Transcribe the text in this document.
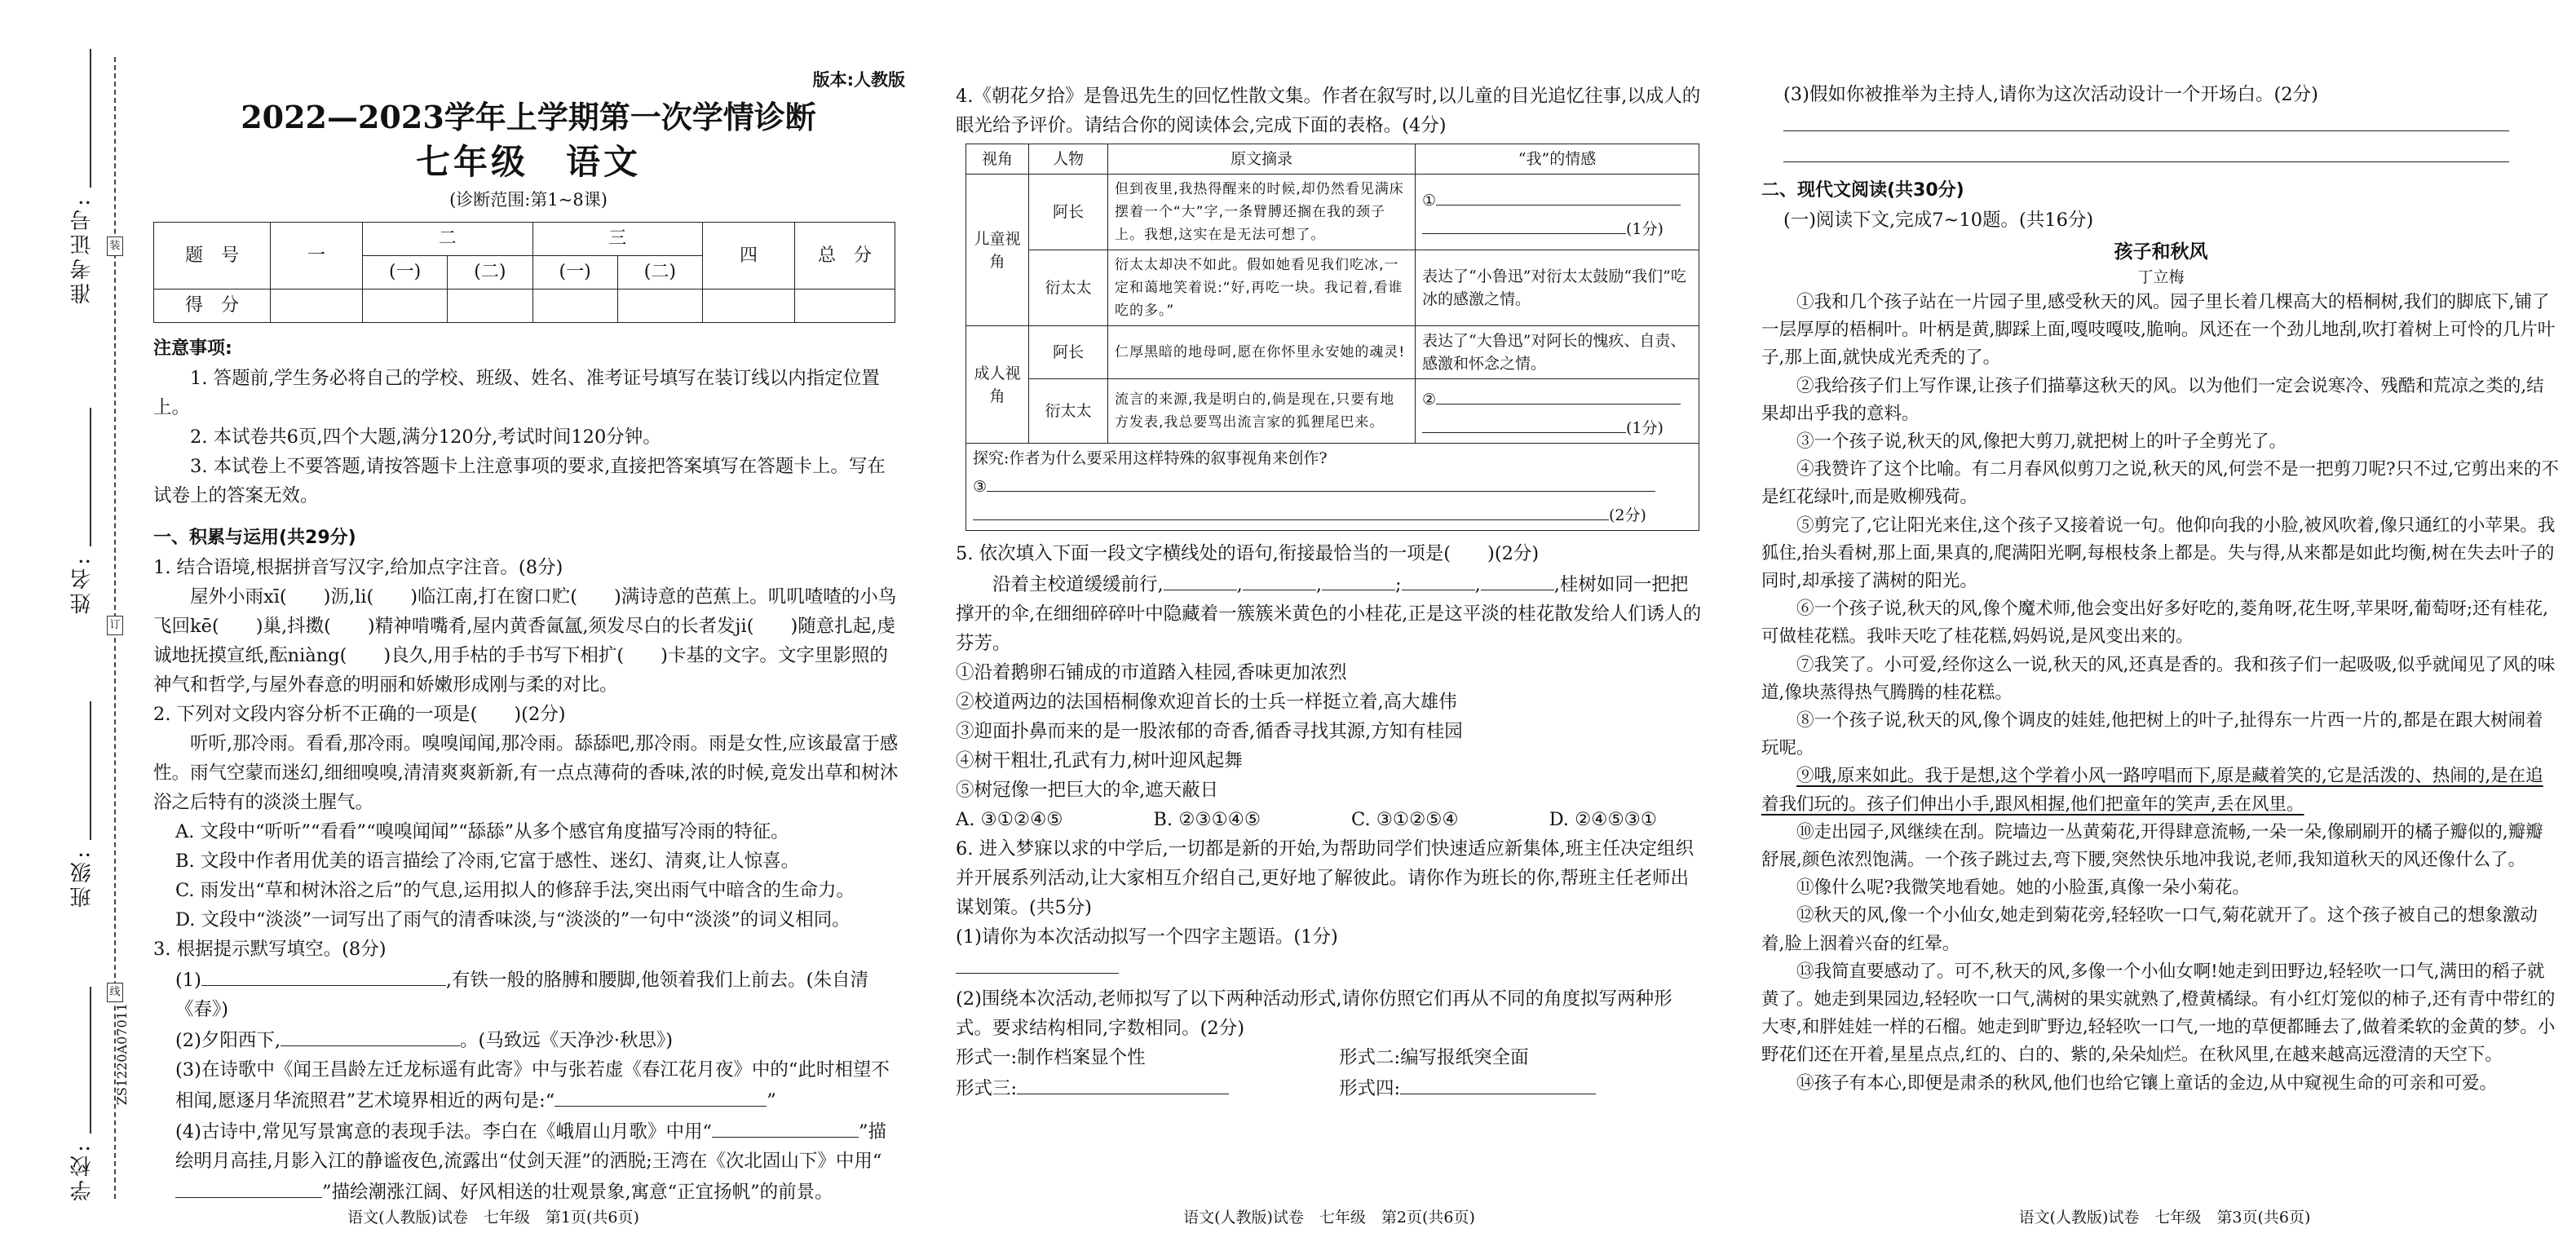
准考证号:
姓名:
班级:
学校:
ZS1220A07011
装
订
线
版本:人教版
2022—2023学年上学期第一次学情诊断
七年级　语文
(诊断范围:第1~8课)
题　号	一	二		三		四	总　分
		(一)	(二)	(一)	(二)		
得　分							

注意事项:

1. 答题前,学生务必将自己的学校、班级、姓名、准考证号填写在装订线以内指定位置上。

2. 本试卷共6页,四个大题,满分120分,考试时间120分钟。

3. 本试卷上不要答题,请按答题卡上注意事项的要求,直接把答案填写在答题卡上。写在试卷上的答案无效。

一、积累与运用(共29分)

1. 结合语境,根据拼音写汉字,给加点字注音。(8分)

屋外小雨xī(　　)沥,li(　　)临江南,打在窗口贮(　　)满诗意的芭蕉上。叽叽喳喳的小鸟飞回kē(　　)巢,抖擞(　　)精神啃嘴肴,屋内黄香氤氲,须发尽白的长者发ji(　　)随意扎起,虔诚地抚摸宣纸,酝niàng(　　)良久,用手枯的手书写下相扩(　　)卡基的文字。文字里影照的神气和哲学,与屋外春意的明丽和娇嫩形成刚与柔的对比。

2. 下列对文段内容分析不正确的一项是(　　)(2分)

听听,那冷雨。看看,那冷雨。嗅嗅闻闻,那冷雨。舔舔吧,那冷雨。雨是女性,应该最富于感性。雨气空蒙而迷幻,细细嗅嗅,清清爽爽新新,有一点点薄荷的香味,浓的时候,竟发出草和树沐浴之后特有的淡淡土腥气。

A. 文段中“听听”“看看”“嗅嗅闻闻”“舔舔”从多个感官角度描写冷雨的特征。

B. 文段中作者用优美的语言描绘了冷雨,它富于感性、迷幻、清爽,让人惊喜。

C. 雨发出“草和树沐浴之后”的气息,运用拟人的修辞手法,突出雨气中暗含的生命力。

D. 文段中“淡淡”一词写出了雨气的清香味淡,与“淡淡的”一句中“淡淡”的词义相同。

3. 根据提示默写填空。(8分)

(1)	,有铁一般的胳膊和腰脚,他领着我们上前去。(朱自清《春》)

(2)夕阳西下,	。(马致远《天净沙·秋思》)

(3)在诗歌中《闻王昌龄左迁龙标遥有此寄》中与张若虚《春江花月夜》中的“此时相望不相闻,愿逐月华流照君”艺术境界相近的两句是:“	”

(4)古诗中,常见写景寓意的表现手法。李白在《峨眉山月歌》中用“	”描绘明月高挂,月影入江的静谧夜色,流露出“仗剑天涯”的洒脱;王湾在《次北固山下》中用“”描绘潮涨江阔、好风相送的壮观景象,寓意“正宜扬帆”的前景。

语文(人教版)试卷　七年级　第1页(共6页)

4.《朝花夕拾》是鲁迅先生的回忆性散文集。作者在叙写时,以儿童的目光追忆往事,以成人的眼光给予评价。请结合你的阅读体会,完成下面的表格。(4分)

视角	人物	原文摘录	“我”的情感
儿童视角	阿长	但到夜里,我热得醒来的时候,却仍然看见满床摆着一个“大”字,一条臂膊还搁在我的颈子上。我想,这实在是无法可想了。	①
(1分)
	衍太太	衍太太却决不如此。假如她看见我们吃冰,一定和蔼地笑着说:“好,再吃一块。我记着,看谁吃的多。”	表达了“小鲁迅”对衍太太鼓励“我们”吃冰的感激之情。
成人视角	阿长	仁厚黑暗的地母呵,愿在你怀里永安她的魂灵!	表达了“大鲁迅”对阿长的愧疚、自责、感激和怀念之情。
	衍太太	流言的来源,我是明白的,倘是现在,只要有地方发表,我总要骂出流言家的狐狸尾巴来。	②
(1分)
探究:作者为什么要采用这样特殊的叙事视角来创作?
③
(2分)			

5. 依次填入下面一段文字横线处的语句,衔接最恰当的一项是(　　)(2分)

沿着主校道缓缓前行,	,	,	;	,	,桂树如同一把把撑开的伞,在细细碎碎叶中隐藏着一簇簇米黄色的小桂花,正是这平淡的桂花散发给人们诱人的芬芳。

①沿着鹅卵石铺成的市道踏入桂园,香味更加浓烈

②校道两边的法国梧桐像欢迎首长的士兵一样挺立着,高大雄伟

③迎面扑鼻而来的是一股浓郁的奇香,循香寻找其源,方知有桂园

④树干粗壮,孔武有力,树叶迎风起舞

⑤树冠像一把巨大的伞,遮天蔽日

A. ③①②④⑤	B. ②③①④⑤	C. ③①②⑤④	D. ②④⑤③①

6. 进入梦寐以求的中学后,一切都是新的开始,为帮助同学们快速适应新集体,班主任决定组织并开展系列活动,让大家相互介绍自己,更好地了解彼此。请你作为班长的你,帮班主任老师出谋划策。(共5分)

(1)请你为本次活动拟写一个四字主题语。(1分)

(2)围绕本次活动,老师拟写了以下两种活动形式,请你仿照它们再从不同的角度拟写两种形式。要求结构相同,字数相同。(2分)

形式一:制作档案显个性	形式二:编写报纸突全面

形式三:	形式四:

语文(人教版)试卷　七年级　第2页(共6页)

(3)假如你被推举为主持人,请你为这次活动设计一个开场白。(2分)

二、现代文阅读(共30分)

(一)阅读下文,完成7~10题。(共16分)

孩子和秋风
丁立梅

①我和几个孩子站在一片园子里,感受秋天的风。园子里长着几棵高大的梧桐树,我们的脚底下,铺了一层厚厚的梧桐叶。叶柄是黄,脚踩上面,嘎吱嘎吱,脆响。风还在一个劲儿地刮,吹打着树上可怜的几片叶子,那上面,就快成光秃秃的了。

②我给孩子们上写作课,让孩子们描摹这秋天的风。以为他们一定会说寒冷、残酷和荒凉之类的,结果却出乎我的意料。

③一个孩子说,秋天的风,像把大剪刀,就把树上的叶子全剪光了。

④我赞许了这个比喻。有二月春风似剪刀之说,秋天的风,何尝不是一把剪刀呢?只不过,它剪出来的不是红花绿叶,而是败柳残荷。

⑤剪完了,它让阳光来住,这个孩子又接着说一句。他仰向我的小脸,被风吹着,像只通红的小苹果。我狐住,抬头看树,那上面,果真的,爬满阳光啊,每根枝条上都是。失与得,从来都是如此均衡,树在失去叶子的同时,却承接了满树的阳光。

⑥一个孩子说,秋天的风,像个魔术师,他会变出好多好吃的,菱角呀,花生呀,苹果呀,葡萄呀;还有桂花,可做桂花糕。我咔天吃了桂花糕,妈妈说,是风变出来的。

⑦我笑了。小可爱,经你这么一说,秋天的风,还真是香的。我和孩子们一起吸吸,似乎就闻见了风的味道,像块蒸得热气腾腾的桂花糕。

⑧一个孩子说,秋天的风,像个调皮的娃娃,他把树上的叶子,扯得东一片西一片的,都是在跟大树闹着玩呢。

⑨哦,原来如此。我于是想,这个学着小风一路哼唱而下,原是藏着笑的,它是活泼的、热闹的,是在追着我们玩的。孩子们伸出小手,跟风相握,他们把童年的笑声,丢在风里。

⑩走出园子,风继续在刮。院墙边一丛黄菊花,开得肆意流畅,一朵一朵,像刷刷开的橘子瓣似的,瓣瓣舒展,颜色浓烈饱满。一个孩子跳过去,弯下腰,突然快乐地冲我说,老师,我知道秋天的风还像什么了。

⑪像什么呢?我微笑地看她。她的小脸蛋,真像一朵小菊花。

⑫秋天的风,像一个小仙女,她走到菊花旁,轻轻吹一口气,菊花就开了。这个孩子被自己的想象激动着,脸上洇着兴奋的红晕。

⑬我简直要感动了。可不,秋天的风,多像一个小仙女啊!她走到田野边,轻轻吹一口气,满田的稻子就黄了。她走到果园边,轻轻吹一口气,满树的果实就熟了,橙黄橘绿。有小红灯笼似的柿子,还有青中带红的大枣,和胖娃娃一样的石榴。她走到旷野边,轻轻吹一口气,一地的草便都睡去了,做着柔软的金黄的梦。小野花们还在开着,星星点点,红的、白的、紫的,朵朵灿烂。在秋风里,在越来越高远澄清的天空下。

⑭孩子有本心,即便是肃杀的秋风,他们也给它镶上童话的金边,从中窥视生命的可亲和可爱。

语文(人教版)试卷　七年级　第3页(共6页)
